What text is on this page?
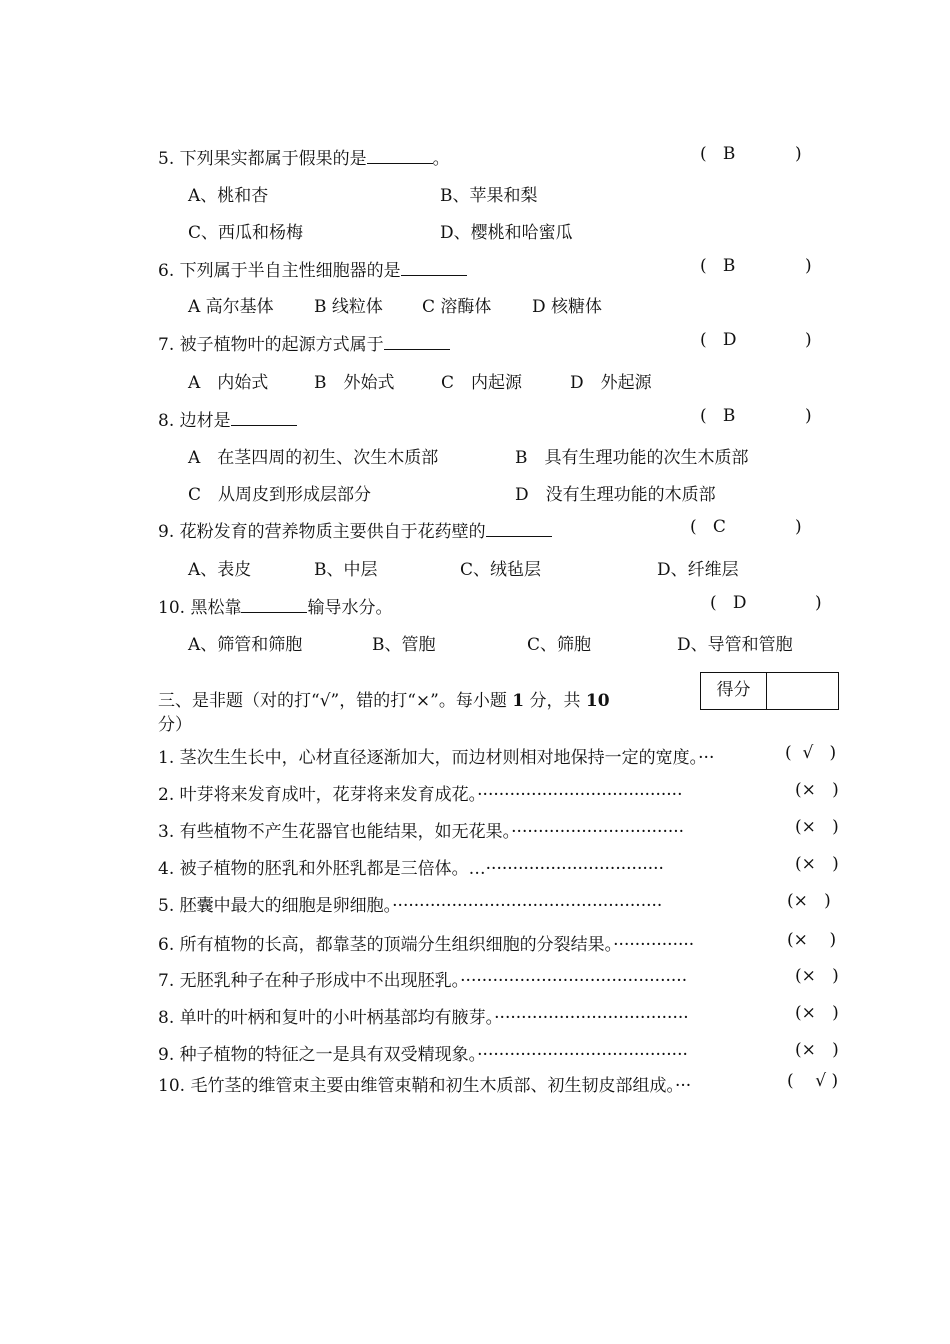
5. 下列果实都属于假果的是	。	(   B	)
A、桃和杏	B、苹果和梨
C、西瓜和杨梅	D、樱桃和哈蜜瓜
6. 下列属于半自主性细胞器的是	(   B	)
A 高尔基体 B 线粒体 C 溶酶体 D 核糖体
7. 被子植物叶的起源方式属于	(   D	)
A　内始式	B　外始式	C　内起源	D　外起源
8. 边材是	(   B	)
A　在茎四周的初生、次生木质部	B　具有生理功能的次生木质部
C　从周皮到形成层部分	D　没有生理功能的木质部
9. 花粉发育的营养物质主要供自于花药壁的	(   C	)
A、表皮	B、中层	C、绒毡层	D、纤维层
10. 黑松靠	输导水分。	(   D	)
A、筛管和筛胞	B、管胞	C、筛胞	D、导管和管胞
三、是非题（对的打“√”，错的打“×”。每小题 1 分，共 10
分）
得分
1. 茎次生生长中，心材直径逐渐加大，而边材则相对地保持一定的宽度。···	(  √   )
2. 叶芽将来发育成叶，花芽将来发育成花。······································	(×   )
3. 有些植物不产生花器官也能结果，如无花果。································	(×   )
4. 被子植物的胚乳和外胚乳都是三倍体。…·································	(×   )
5. 胚囊中最大的细胞是卵细胞。··················································	(×   )
6. 所有植物的长高，都靠茎的顶端分生组织细胞的分裂结果。···············	(×    )
7. 无胚乳种子在种子形成中不出现胚乳。··········································	(×   )
8. 单叶的叶柄和复叶的小叶柄基部均有腋芽。····································	(×   )
9. 种子植物的特征之一是具有双受精现象。·······································	(×   )
10. 毛竹茎的维管束主要由维管束鞘和初生木质部、初生韧皮部组成。···	(    √ )
